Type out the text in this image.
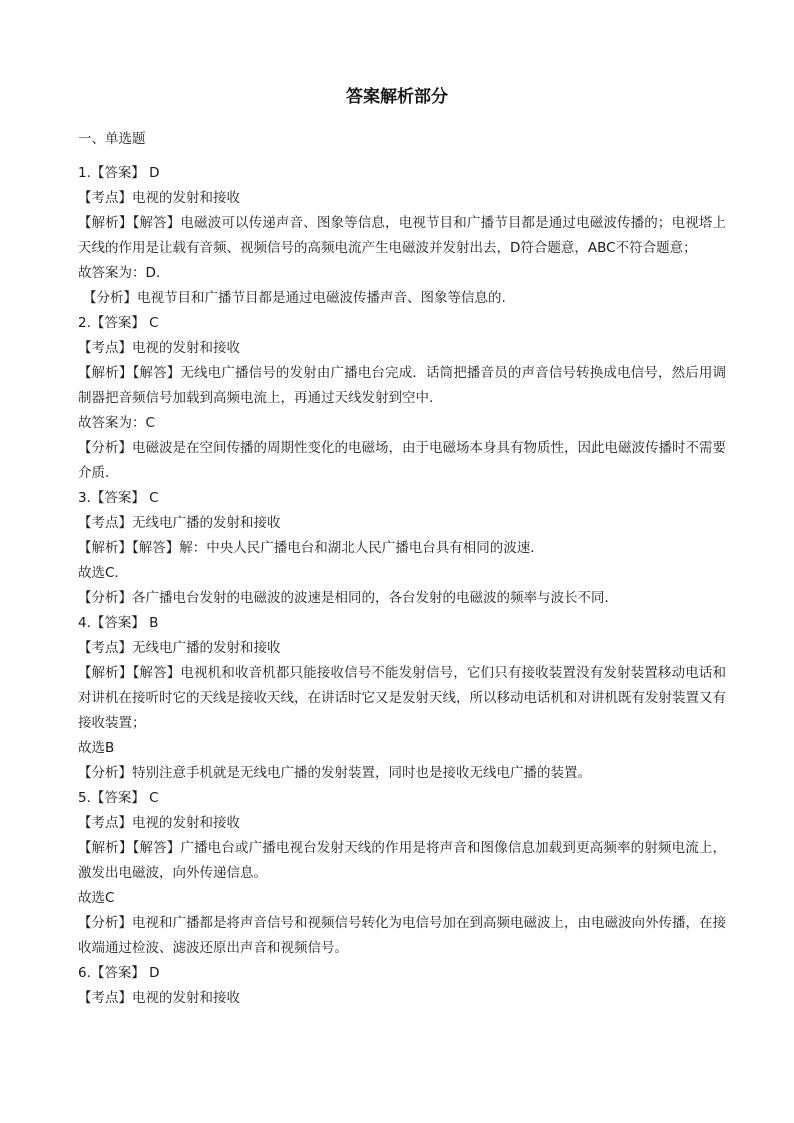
答案解析部分
一、单选题
1.【答案】 D
【考点】电视的发射和接收
【解析】【解答】电磁波可以传递声音、图象等信息，电视节目和广播节目都是通过电磁波传播的；电视塔上天线的作用是让载有音频、视频信号的高频电流产生电磁波并发射出去，D符合题意，ABC不符合题意；
故答案为：D.
【分析】电视节目和广播节目都是通过电磁波传播声音、图象等信息的.
2.【答案】 C
【考点】电视的发射和接收
【解析】【解答】无线电广播信号的发射由广播电台完成．话筒把播音员的声音信号转换成电信号，然后用调制器把音频信号加载到高频电流上，再通过天线发射到空中.
故答案为：C
【分析】电磁波是在空间传播的周期性变化的电磁场，由于电磁场本身具有物质性，因此电磁波传播时不需要介质.
3.【答案】 C
【考点】无线电广播的发射和接收
【解析】【解答】解：中央人民广播电台和湖北人民广播电台具有相同的波速．
故选C．
【分析】各广播电台发射的电磁波的波速是相同的，各台发射的电磁波的频率与波长不同．
4.【答案】 B
【考点】无线电广播的发射和接收
【解析】【解答】电视机和收音机都只能接收信号不能发射信号，它们只有接收装置没有发射装置移动电话和对讲机在接听时它的天线是接收天线，在讲话时它又是发射天线，所以移动电话机和对讲机既有发射装置又有接收装置；
故选B
【分析】特别注意手机就是无线电广播的发射装置，同时也是接收无线电广播的装置。
5.【答案】 C
【考点】电视的发射和接收
【解析】【解答】广播电台或广播电视台发射天线的作用是将声音和图像信息加载到更高频率的射频电流上，激发出电磁波，向外传递信息。
故选C
【分析】电视和广播都是将声音信号和视频信号转化为电信号加在到高频电磁波上，由电磁波向外传播，在接收端通过检波、滤波还原出声音和视频信号。
6.【答案】 D
【考点】电视的发射和接收
